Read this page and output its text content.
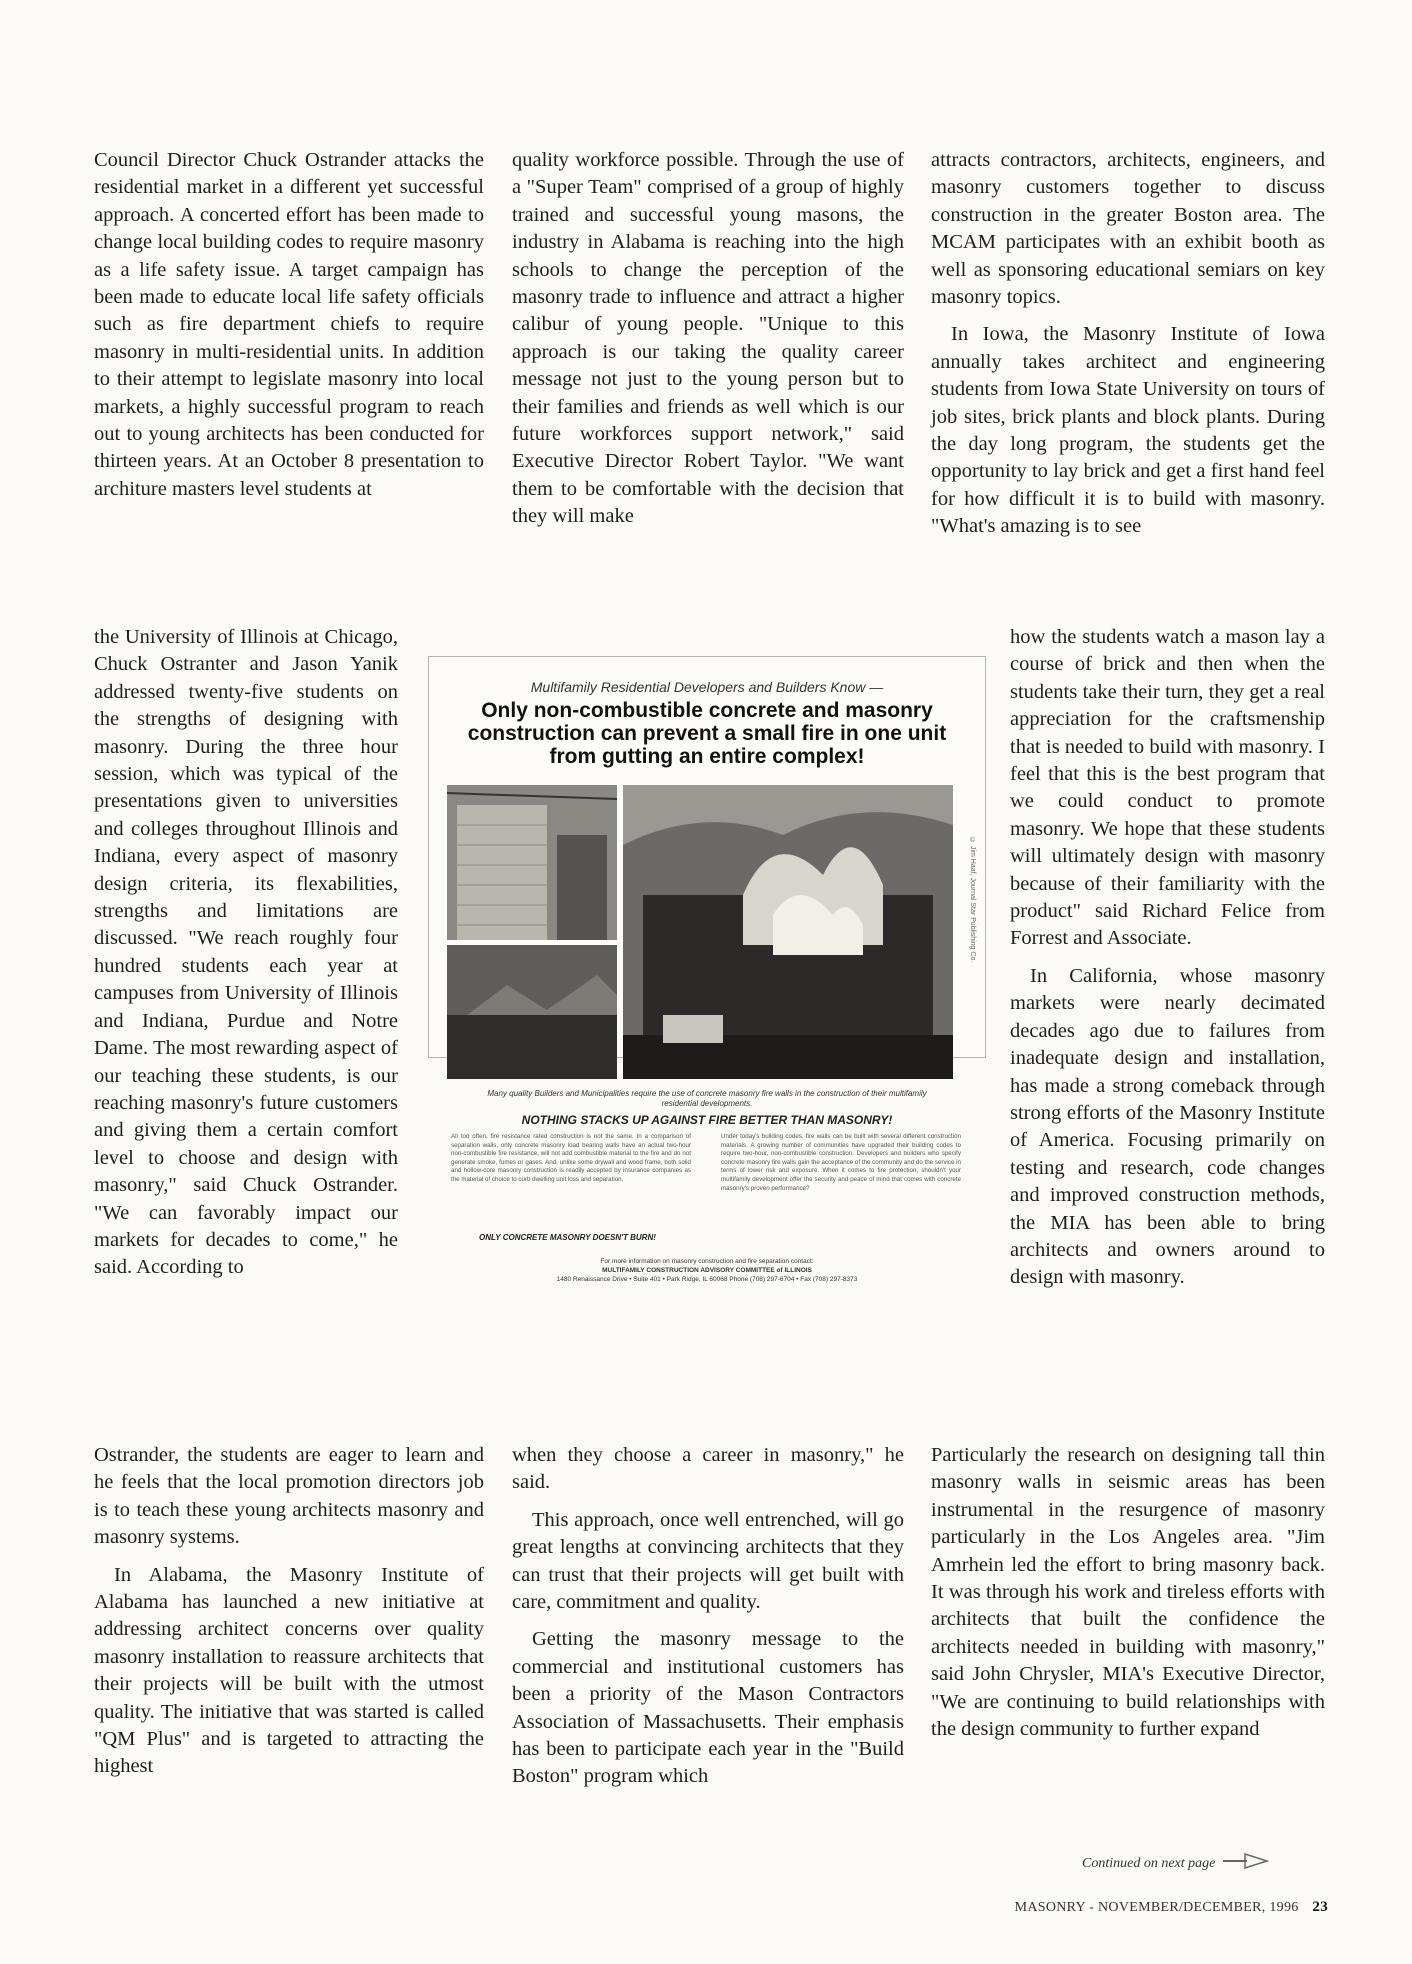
Council Director Chuck Ostrander attacks the residential market in a different yet successful approach. A concerted effort has been made to change local building codes to require masonry as a life safety issue. A target campaign has been made to educate local life safety officials such as fire department chiefs to require masonry in multi-residential units. In addition to their attempt to legislate masonry into local markets, a highly successful program to reach out to young architects has been conducted for thirteen years. At an October 8 presentation to architure masters level students at

the University of Illinois at Chicago, Chuck Ostranter and Jason Yanik addressed twenty-five students on the strengths of designing with masonry. During the three hour session, which was typical of the presentations given to universities and colleges throughout Illinois and Indiana, every aspect of masonry design criteria, its flexabilities, strengths and limitations are discussed. "We reach roughly four hundred students each year at campuses from University of Illinois and Indiana, Purdue and Notre Dame. The most rewarding aspect of our teaching these students, is our reaching masonry's future customers and giving them a certain comfort level to choose and design with masonry," said Chuck Ostrander. "We can favorably impact our markets for decades to come," he said. According to

Ostrander, the students are eager to learn and he feels that the local promotion directors job is to teach these young architects masonry and masonry systems.

In Alabama, the Masonry Institute of Alabama has launched a new initiative at addressing architect concerns over quality masonry installation to reassure architects that their projects will be built with the utmost quality. The initiative that was started is called "QM Plus" and is targeted to attracting the highest

quality workforce possible. Through the use of a "Super Team" comprised of a group of highly trained and successful young masons, the industry in Alabama is reaching into the high schools to change the perception of the masonry trade to influence and attract a higher calibur of young people. "Unique to this approach is our taking the quality career message not just to the young person but to their families and friends as well which is our future workforces support network," said Executive Director Robert Taylor. "We want them to be comfortable with the decision that they will make

when they choose a career in masonry," he said.

This approach, once well entrenched, will go great lengths at convincing architects that they can trust that their projects will get built with care, commitment and quality.

Getting the masonry message to the commercial and institutional customers has been a priority of the Mason Contractors Association of Massachusetts. Their emphasis has been to participate each year in the "Build Boston" program which

attracts contractors, architects, engineers, and masonry customers together to discuss construction in the greater Boston area. The MCAM participates with an exhibit booth as well as sponsoring educational semiars on key masonry topics.

In Iowa, the Masonry Institute of Iowa annually takes architect and engineering students from Iowa State University on tours of job sites, brick plants and block plants. During the day long program, the students get the opportunity to lay brick and get a first hand feel for how difficult it is to build with masonry. "What's amazing is to see

how the students watch a mason lay a course of brick and then when the students take their turn, they get a real appreciation for the craftsmenship that is needed to build with masonry. I feel that this is the best program that we could conduct to promote masonry. We hope that these students will ultimately design with masonry because of their familiarity with the product" said Richard Felice from Forrest and Associate.

In California, whose masonry markets were nearly decimated decades ago due to failures from inadequate design and installation, has made a strong comeback through strong efforts of the Masonry Institute of America. Focusing primarily on testing and research, code changes and improved construction methods, the MIA has been able to bring architects and owners around to design with masonry.

Particularly the research on designing tall thin masonry walls in seismic areas has been instrumental in the resurgence of masonry particularly in the Los Angeles area. "Jim Amrhein led the effort to bring masonry back. It was through his work and tireless efforts with architects that built the confidence the architects needed in building with masonry," said John Chrysler, MIA's Executive Director, "We are continuing to build relationships with the design community to further expand

Multifamily Residential Developers and Builders Know —
Only non-combustible concrete and masonry construction can prevent a small fire in one unit from gutting an entire complex!
© Jim Haaf, Journal Star Publishing Co.
Many quality Builders and Municipalities require the use of concrete masonry fire walls in the construction of their multifamily residential developments.
NOTHING STACKS UP AGAINST FIRE BETTER THAN MASONRY!
All too often, fire resistance rated construction is not the same. In a comparison of separation walls, only concrete masonry load bearing walls have an actual two-hour non-combustible fire resistance, will not add combustible material to the fire and do not generate smoke, fumes or gases. And, unlike some drywall and wood frame, both solid and hollow-core masonry construction is readily accepted by insurance companies as the material of choice to curb dwelling unit loss and separation.
Under today's building codes, fire walls can be built with several different construction materials. A growing number of communities have upgraded their building codes to require two-hour, non-combustible construction. Developers and builders who specify concrete masonry fire walls gain the acceptance of the community and do the service in terms of lower risk and exposure. When it comes to fire protection, shouldn't your multifamily development offer the security and peace of mind that comes with concrete masonry's proven performance?
ONLY CONCRETE MASONRY DOESN'T BURN!
For more information on masonry construction and fire separation contact:
MULTIFAMILY CONSTRUCTION ADVISORY COMMITTEE of ILLINOIS
1480 Renaissance Drive • Suite 401 • Park Ridge, IL 60068 Phone (708) 297-6704 • Fax (708) 297-8373
Continued on next page
MASONRY - NOVEMBER/DECEMBER, 1996 23
